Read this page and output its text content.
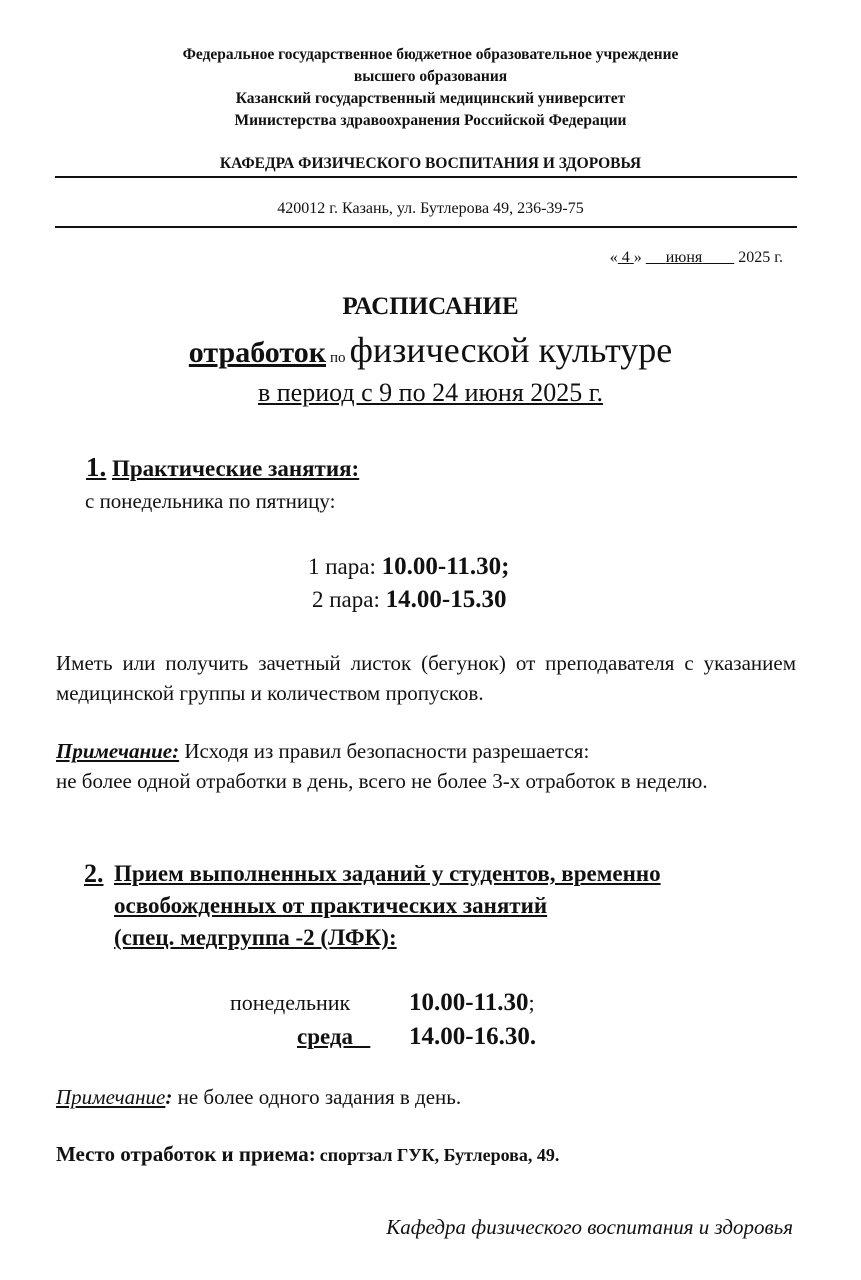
Федеральное государственное бюджетное образовательное учреждение
высшего образования
Казанский государственный медицинский университет
Министерства здравоохранения Российской Федерации
КАФЕДРА ФИЗИЧЕСКОГО ВОСПИТАНИЯ И ЗДОРОВЬЯ
420012 г. Казань, ул. Бутлерова 49, 236-39-75
« 4 » июня 2025 г.
РАСПИСАНИЕ
отработок по физической культуре
в период с 9 по 24 июня 2025 г.
1. Практические занятия:
с понедельника по пятницу:
1 пара: 10.00-11.30;
2 пара: 14.00-15.30
Иметь или получить зачетный листок (бегунок) от преподавателя с указанием медицинской группы и количеством пропусков.
Примечание: Исходя из правил безопасности разрешается:
не более одной отработки в день, всего не более 3-х отработок в неделю.
2. Прием выполненных заданий у студентов, временно
освобожденных от практических занятий
(спец. медгруппа -2 (ЛФК):
понедельник 10.00-11.30;
среда	14.00-16.30.
Примечание: не более одного задания в день.
Место отработок и приема: спортзал ГУК, Бутлерова, 49.
Кафедра физического воспитания и здоровья
